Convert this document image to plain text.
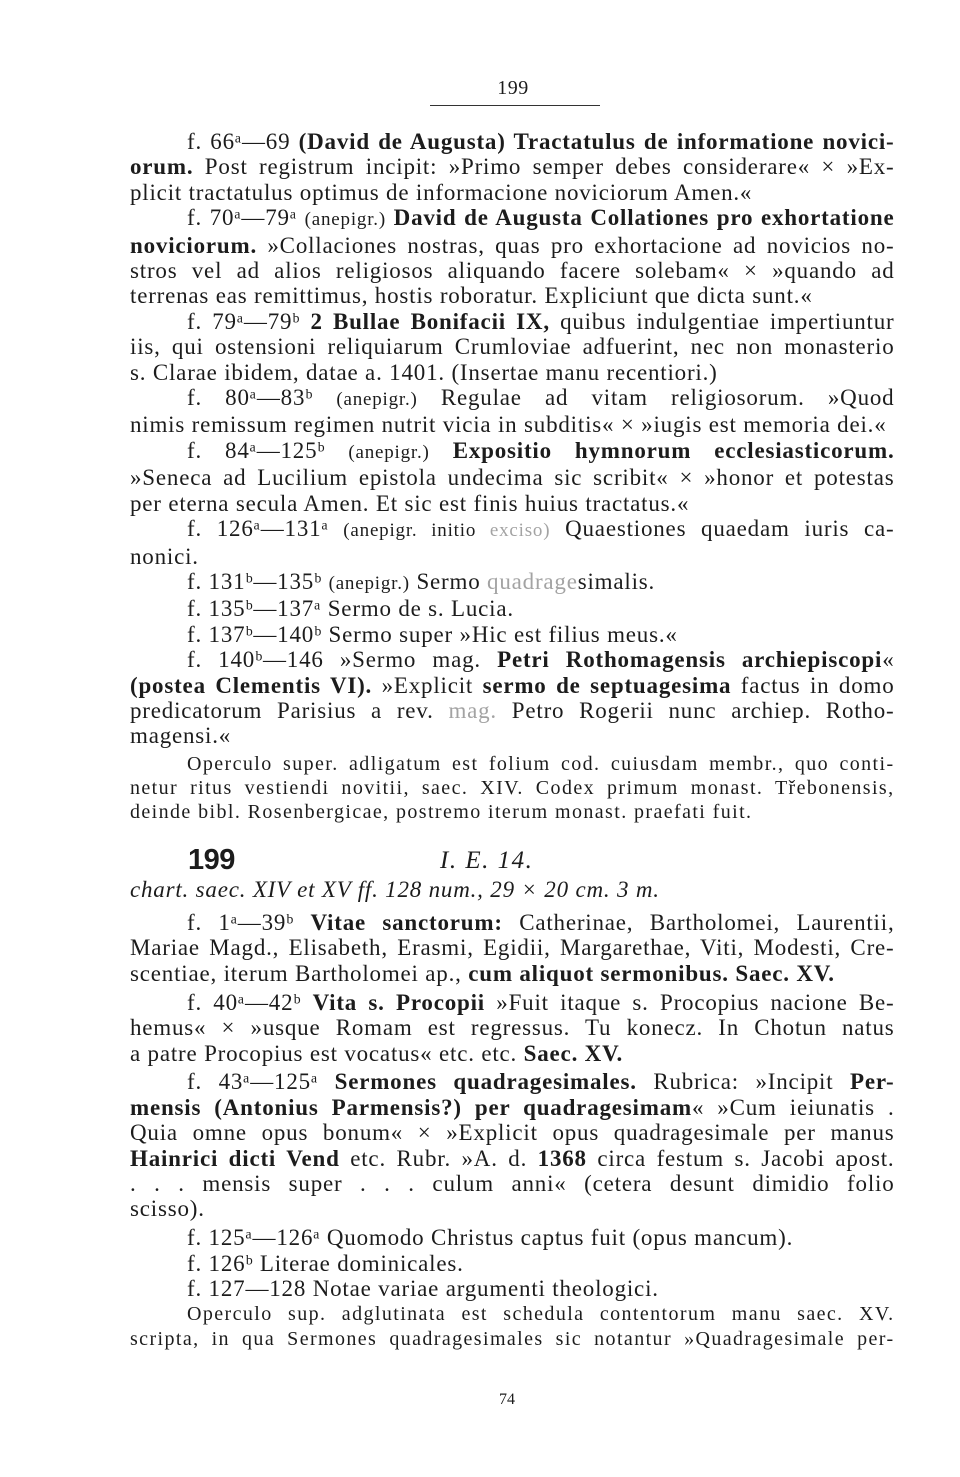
199
f. 66ᵃ—69 (David de Augusta) Tractatulus de informatione novici-
orum. Post registrum incipit: »Primo semper debes considerare« × »Ex-
plicit tractatulus optimus de informacione noviciorum Amen.«
f. 70ᵃ—79ᵃ (anepigr.) David de Augusta Collationes pro exhortatione
noviciorum. »Collaciones nostras, quas pro exhortacione ad novicios no-
stros vel ad alios religiosos aliquando facere solebam« × »quando ad
terrenas eas remittimus, hostis roboratur. Expliciunt que dicta sunt.«
f. 79ᵃ—79ᵇ 2 Bullae Bonifacii IX, quibus indulgentiae impertiuntur
iis, qui ostensioni reliquiarum Crumloviae adfuerint, nec non monasterio
s. Clarae ibidem, datae a. 1401. (Insertae manu recentiori.)
f. 80ᵃ—83ᵇ (anepigr.) Regulae ad vitam religiosorum. »Quod
nimis remissum regimen nutrit vicia in subditis« × »iugis est memoria dei.«
f. 84ᵃ—125ᵇ (anepigr.) Expositio hymnorum ecclesiasticorum.
»Seneca ad Lucilium epistola undecima sic scribit« × »honor et potestas
per eterna secula Amen. Et sic est finis huius tractatus.«
f. 126ᵃ—131ᵃ (anepigr. initio exciso) Quaestiones quaedam iuris ca-
nonici.
f. 131ᵇ—135ᵇ (anepigr.) Sermo quadragesimalis.
f. 135ᵇ—137ᵃ Sermo de s. Lucia.
f. 137ᵇ—140ᵇ Sermo super »Hic est filius meus.«
f. 140ᵇ—146 »Sermo mag. Petri Rothomagensis archiepiscopi«
(postea Clementis VI). »Explicit sermo de septuagesima factus in domo
predicatorum Parisius a rev. mag. Petro Rogerii nunc archiep. Rotho-
magensi.«
Operculo super. adligatum est folium cod. cuiusdam membr., quo conti-
netur ritus vestiendi novitii, saec. XIV. Codex primum monast. Třebonensis,
deinde bibl. Rosenbergicae, postremo iterum monast. praefati fuit.
199	I. E. 14.
chart. saec. XIV et XV ff. 128 num., 29 × 20 cm. 3 m.
f. 1ᵃ—39ᵇ Vitae sanctorum: Catherinae, Bartholomei, Laurentii,
Mariae Magd., Elisabeth, Erasmi, Egidii, Margarethae, Viti, Modesti, Cre-
scentiae, iterum Bartholomei ap., cum aliquot sermonibus. Saec. XV.
f. 40ᵃ—42ᵇ Vita s. Procopii »Fuit itaque s. Procopius nacione Be-
hemus« × »usque Romam est regressus. Tu konecz. In Chotun natus
a patre Procopius est vocatus« etc. etc. Saec. XV.
f. 43ᵃ—125ᵃ Sermones quadragesimales. Rubrica: »Incipit Per-
mensis (Antonius Parmensis?) per quadragesimam« »Cum ieiunatis .
Quia omne opus bonum« × »Explicit opus quadragesimale per manus
Hainrici dicti Vend etc. Rubr. »A. d. 1368 circa festum s. Jacobi apost.
. . . mensis super . . . culum anni« (cetera desunt dimidio folio
scisso).
f. 125ᵃ—126ᵃ Quomodo Christus captus fuit (opus mancum).
f. 126ᵇ Literae dominicales.
f. 127—128 Notae variae argumenti theologici.
Operculo sup. adglutinata est schedula contentorum manu saec. XV.
scripta, in qua Sermones quadragesimales sic notantur »Quadragesimale per-
74
